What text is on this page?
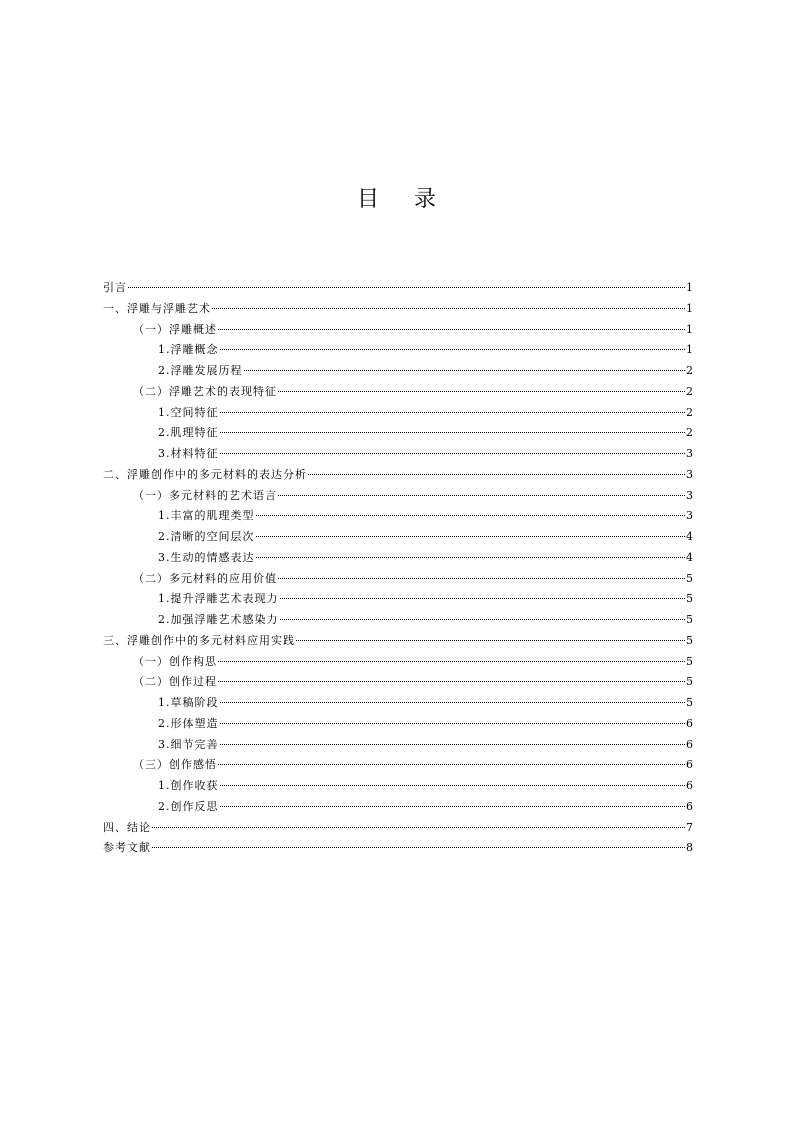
目 录
引言	1
一、浮雕与浮雕艺术	1
（一）浮雕概述	1
1.浮雕概念	1
2.浮雕发展历程	2
（二）浮雕艺术的表现特征	2
1.空间特征	2
2.肌理特征	2
3.材料特征	3
二、浮雕创作中的多元材料的表达分析	3
（一）多元材料的艺术语言	3
1.丰富的肌理类型	3
2.清晰的空间层次	4
3.生动的情感表达	4
（二）多元材料的应用价值	5
1.提升浮雕艺术表现力	5
2.加强浮雕艺术感染力	5
三、浮雕创作中的多元材料应用实践	5
（一）创作构思	5
（二）创作过程	5
1.草稿阶段	5
2.形体塑造	6
3.细节完善	6
（三）创作感悟	6
1.创作收获	6
2.创作反思	6
四、结论	7
参考文献	8
